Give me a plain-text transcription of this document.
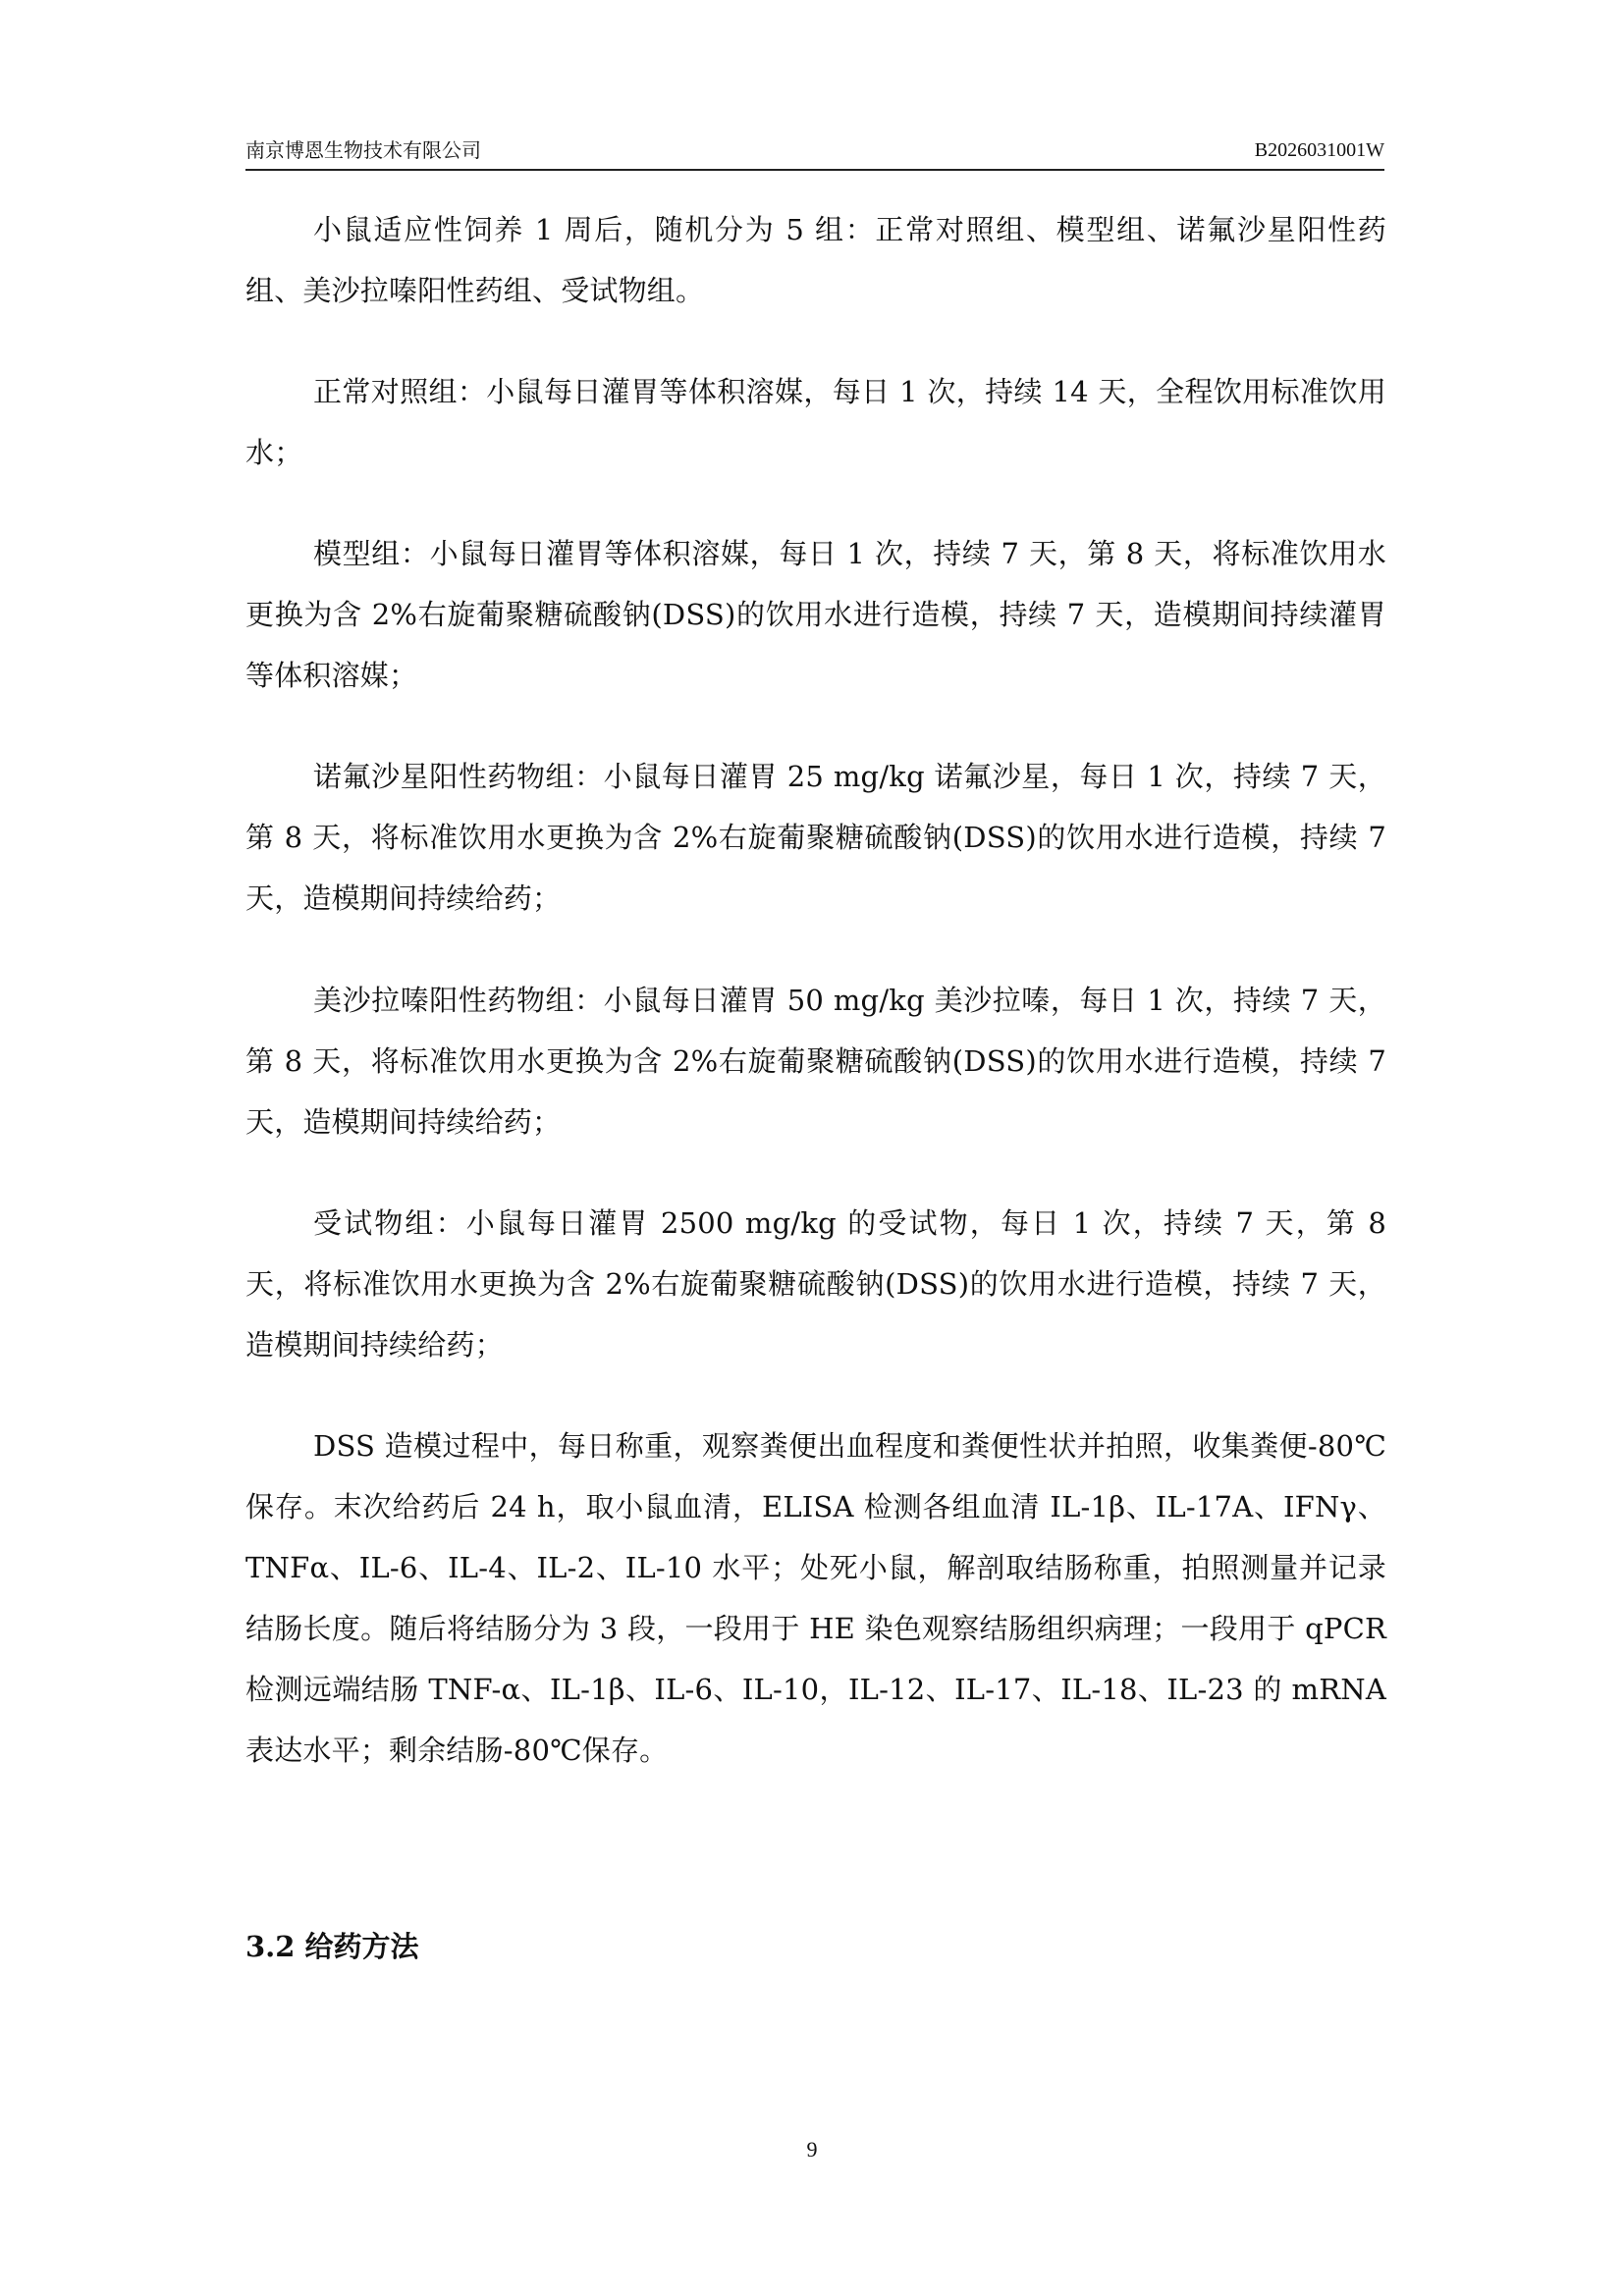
南京博恩生物技术有限公司	B2026031001W

小鼠适应性饲养 1 周后，随机分为 5 组：正常对照组、模型组、诺氟沙星阳性药组、美沙拉嗪阳性药组、受试物组。

正常对照组：小鼠每日灌胃等体积溶媒，每日 1 次，持续 14 天，全程饮用标准饮用水；

模型组：小鼠每日灌胃等体积溶媒，每日 1 次，持续 7 天，第 8 天，将标准饮用水更换为含 2%右旋葡聚糖硫酸钠(DSS)的饮用水进行造模，持续 7 天，造模期间持续灌胃等体积溶媒；

诺氟沙星阳性药物组：小鼠每日灌胃 25 mg/kg 诺氟沙星，每日 1 次，持续 7 天，第 8 天，将标准饮用水更换为含 2%右旋葡聚糖硫酸钠(DSS)的饮用水进行造模，持续 7 天，造模期间持续给药；

美沙拉嗪阳性药物组：小鼠每日灌胃 50 mg/kg 美沙拉嗪，每日 1 次，持续 7 天，第 8 天，将标准饮用水更换为含 2%右旋葡聚糖硫酸钠(DSS)的饮用水进行造模，持续 7 天，造模期间持续给药；

受试物组：小鼠每日灌胃 2500 mg/kg 的受试物，每日 1 次，持续 7 天，第 8 天，将标准饮用水更换为含 2%右旋葡聚糖硫酸钠(DSS)的饮用水进行造模，持续 7 天，造模期间持续给药；

DSS 造模过程中，每日称重，观察粪便出血程度和粪便性状并拍照，收集粪便-80℃保存。末次给药后 24 h，取小鼠血清，ELISA 检测各组血清 IL-1β、IL-17A、IFNγ、TNFα、IL-6、IL-4、IL-2、IL-10 水平；处死小鼠，解剖取结肠称重，拍照测量并记录结肠长度。随后将结肠分为 3 段，一段用于 HE 染色观察结肠组织病理；一段用于 qPCR 检测远端结肠 TNF-α、IL-1β、IL-6、IL-10，IL-12、IL-17、IL-18、IL-23 的 mRNA 表达水平；剩余结肠-80℃保存。

3.2 给药方法
9
